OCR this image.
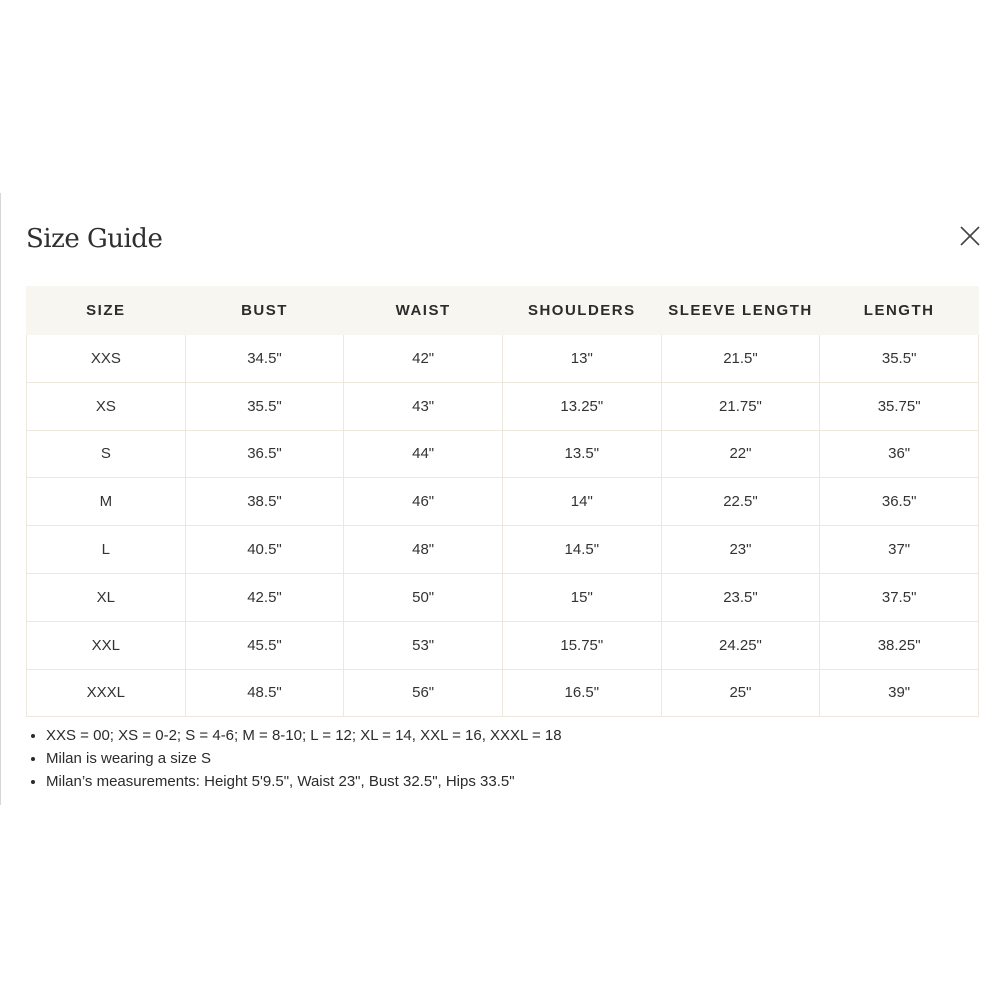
Size Guide
SIZE	BUST	WAIST	SHOULDERS	SLEEVE LENGTH	LENGTH
XXS	34.5"	42"	13"	21.5"	35.5"
XS	35.5"	43"	13.25"	21.75"	35.75"
S	36.5"	44"	13.5"	22"	36"
M	38.5"	46"	14"	22.5"	36.5"
L	40.5"	48"	14.5"	23"	37"
XL	42.5"	50"	15"	23.5"	37.5"
XXL	45.5"	53"	15.75"	24.25"	38.25"
XXXL	48.5"	56"	16.5"	25"	39"
• XXS = 00; XS = 0-2; S = 4-6; M = 8-10; L = 12; XL = 14, XXL = 16, XXXL = 18
• Milan is wearing a size S
• Milan’s measurements: Height 5'9.5", Waist 23", Bust 32.5", Hips 33.5"
